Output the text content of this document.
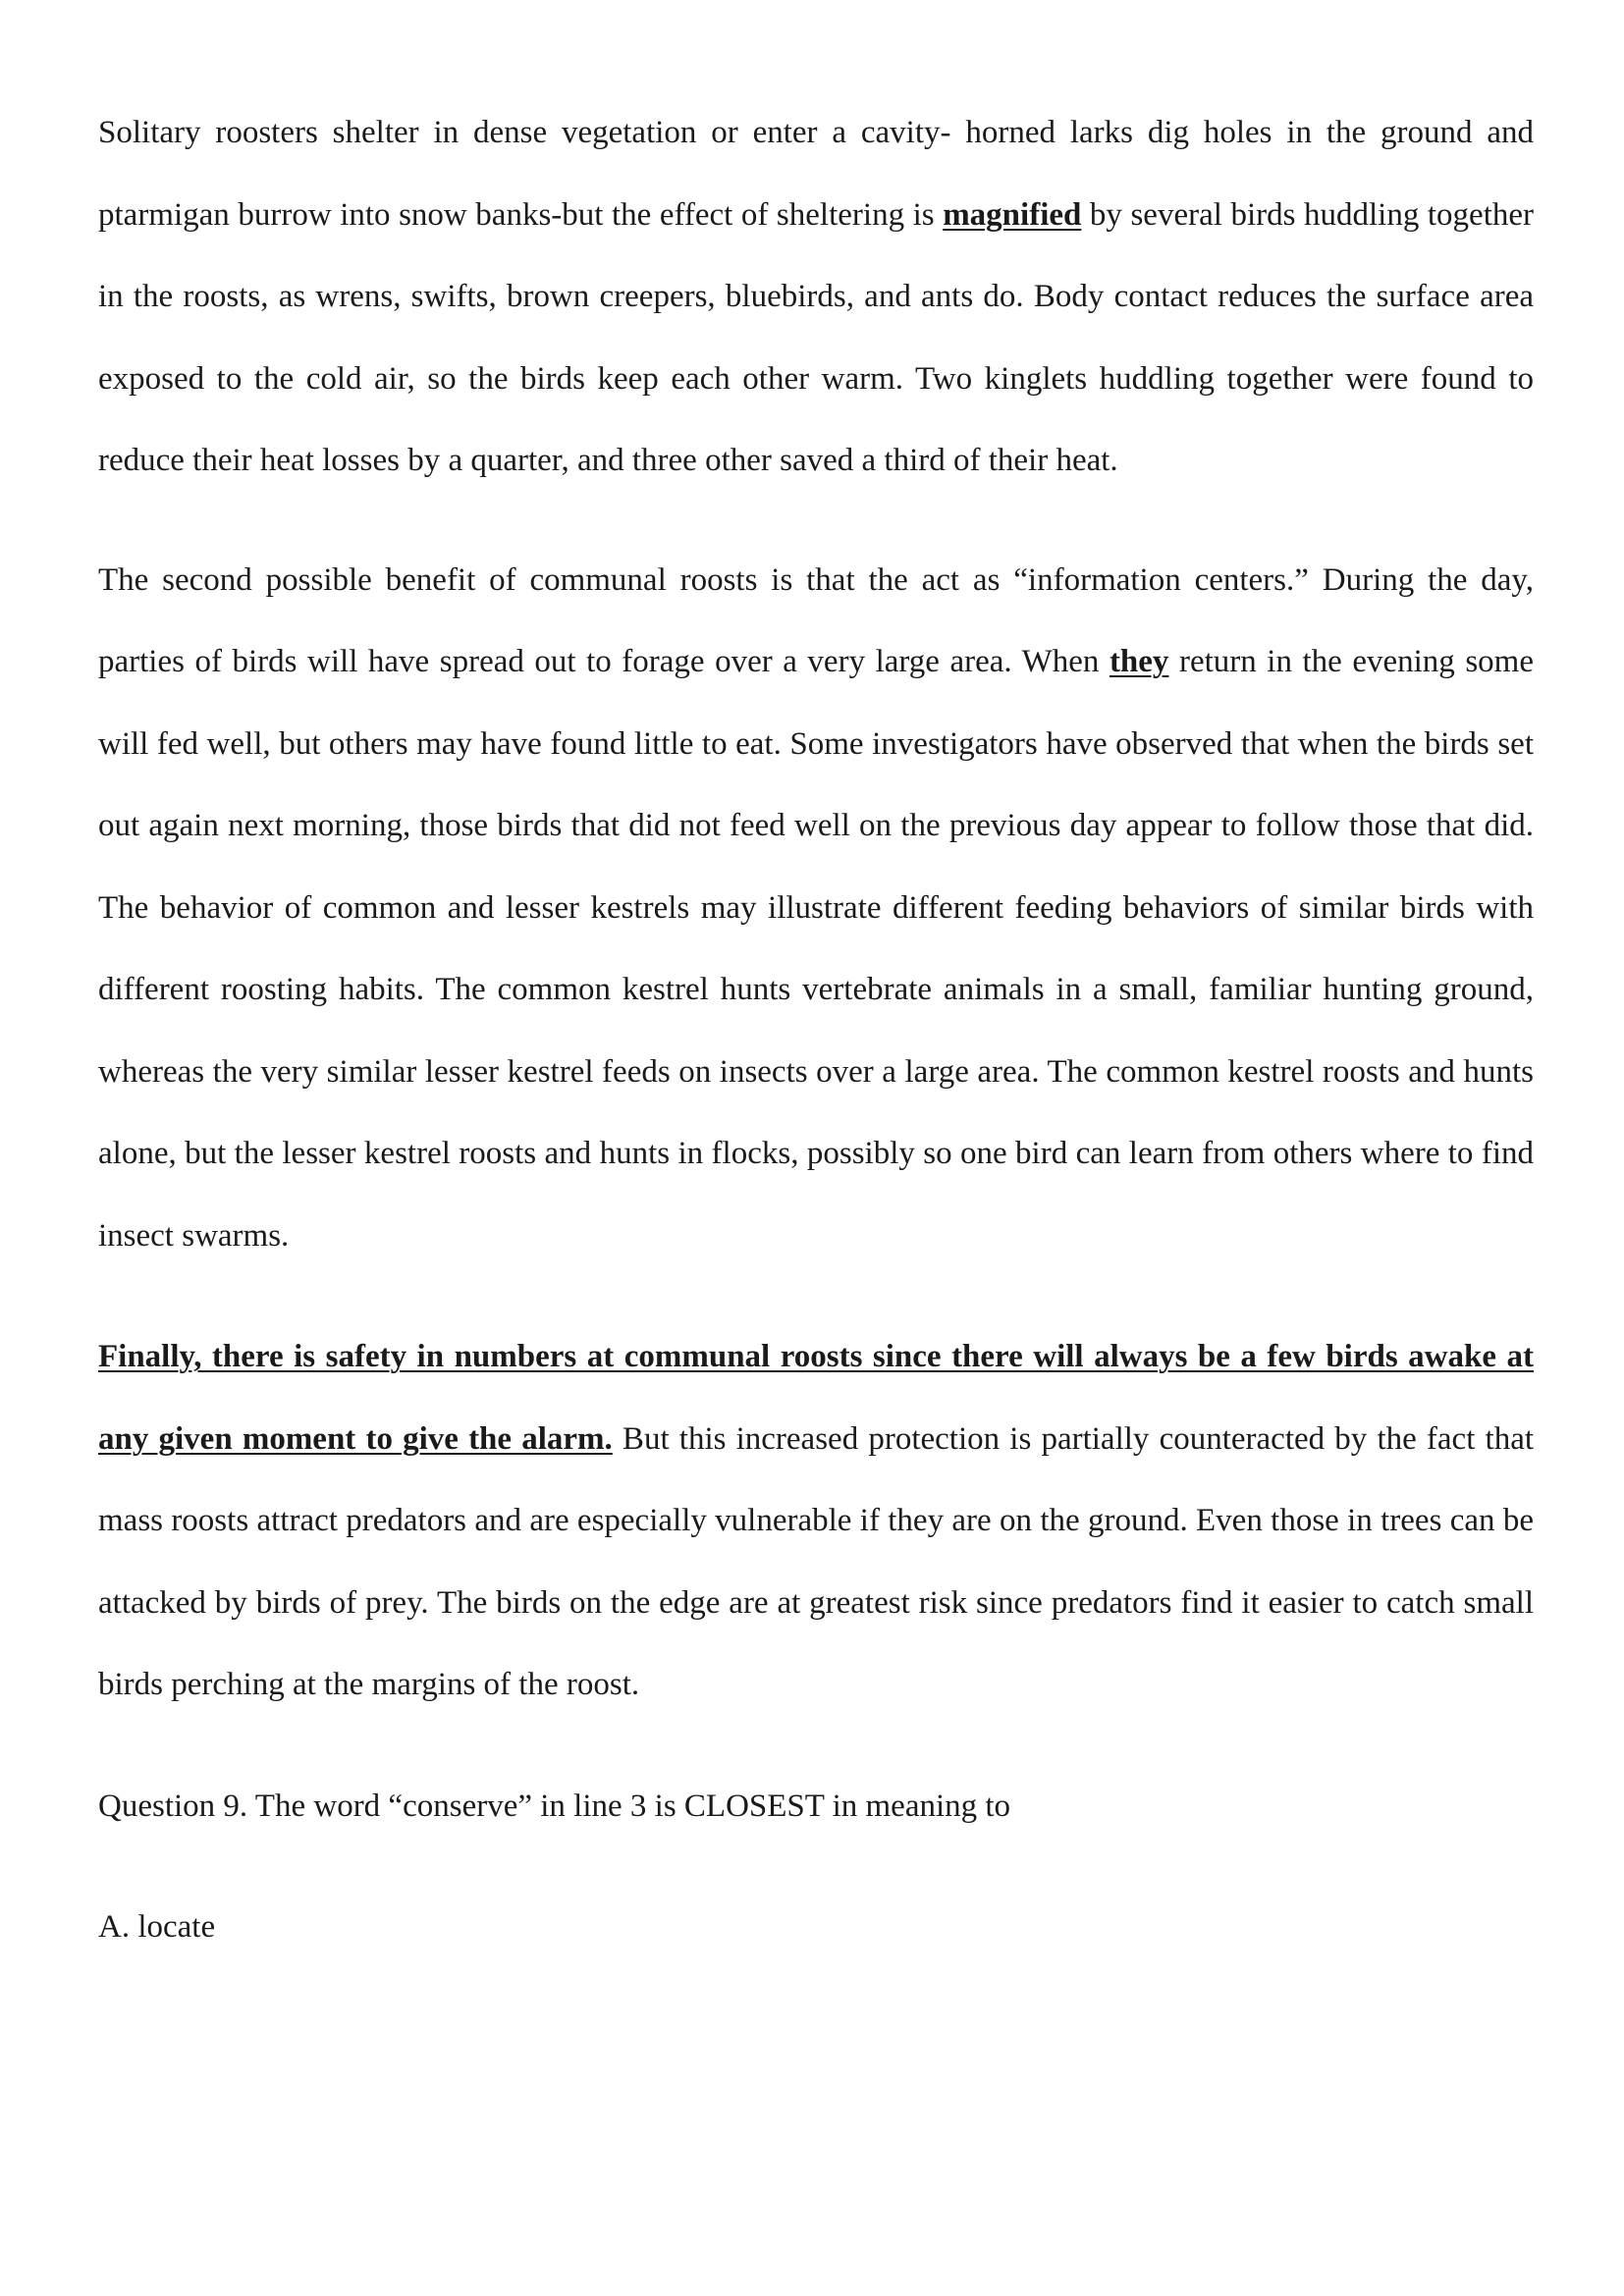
Solitary roosters shelter in dense vegetation or enter a cavity- horned larks dig holes in the ground and ptarmigan burrow into snow banks-but the effect of sheltering is magnified by several birds huddling together in the roosts, as wrens, swifts, brown creepers, bluebirds, and ants do. Body contact reduces the surface area exposed to the cold air, so the birds keep each other warm. Two kinglets huddling together were found to reduce their heat losses by a quarter, and three other saved a third of their heat.

The second possible benefit of communal roosts is that the act as “information centers.” During the day, parties of birds will have spread out to forage over a very large area. When they return in the evening some will fed well, but others may have found little to eat. Some investigators have observed that when the birds set out again next morning, those birds that did not feed well on the previous day appear to follow those that did. The behavior of common and lesser kestrels may illustrate different feeding behaviors of similar birds with different roosting habits. The common kestrel hunts vertebrate animals in a small, familiar hunting ground, whereas the very similar lesser kestrel feeds on insects over a large area. The common kestrel roosts and hunts alone, but the lesser kestrel roosts and hunts in flocks, possibly so one bird can learn from others where to find insect swarms.

Finally, there is safety in numbers at communal roosts since there will always be a few birds awake at any given moment to give the alarm. But this increased protection is partially counteracted by the fact that mass roosts attract predators and are especially vulnerable if they are on the ground. Even those in trees can be attacked by birds of prey. The birds on the edge are at greatest risk since predators find it easier to catch small birds perching at the margins of the roost.

Question 9. The word “conserve” in line 3 is CLOSEST in meaning to

A. locate
